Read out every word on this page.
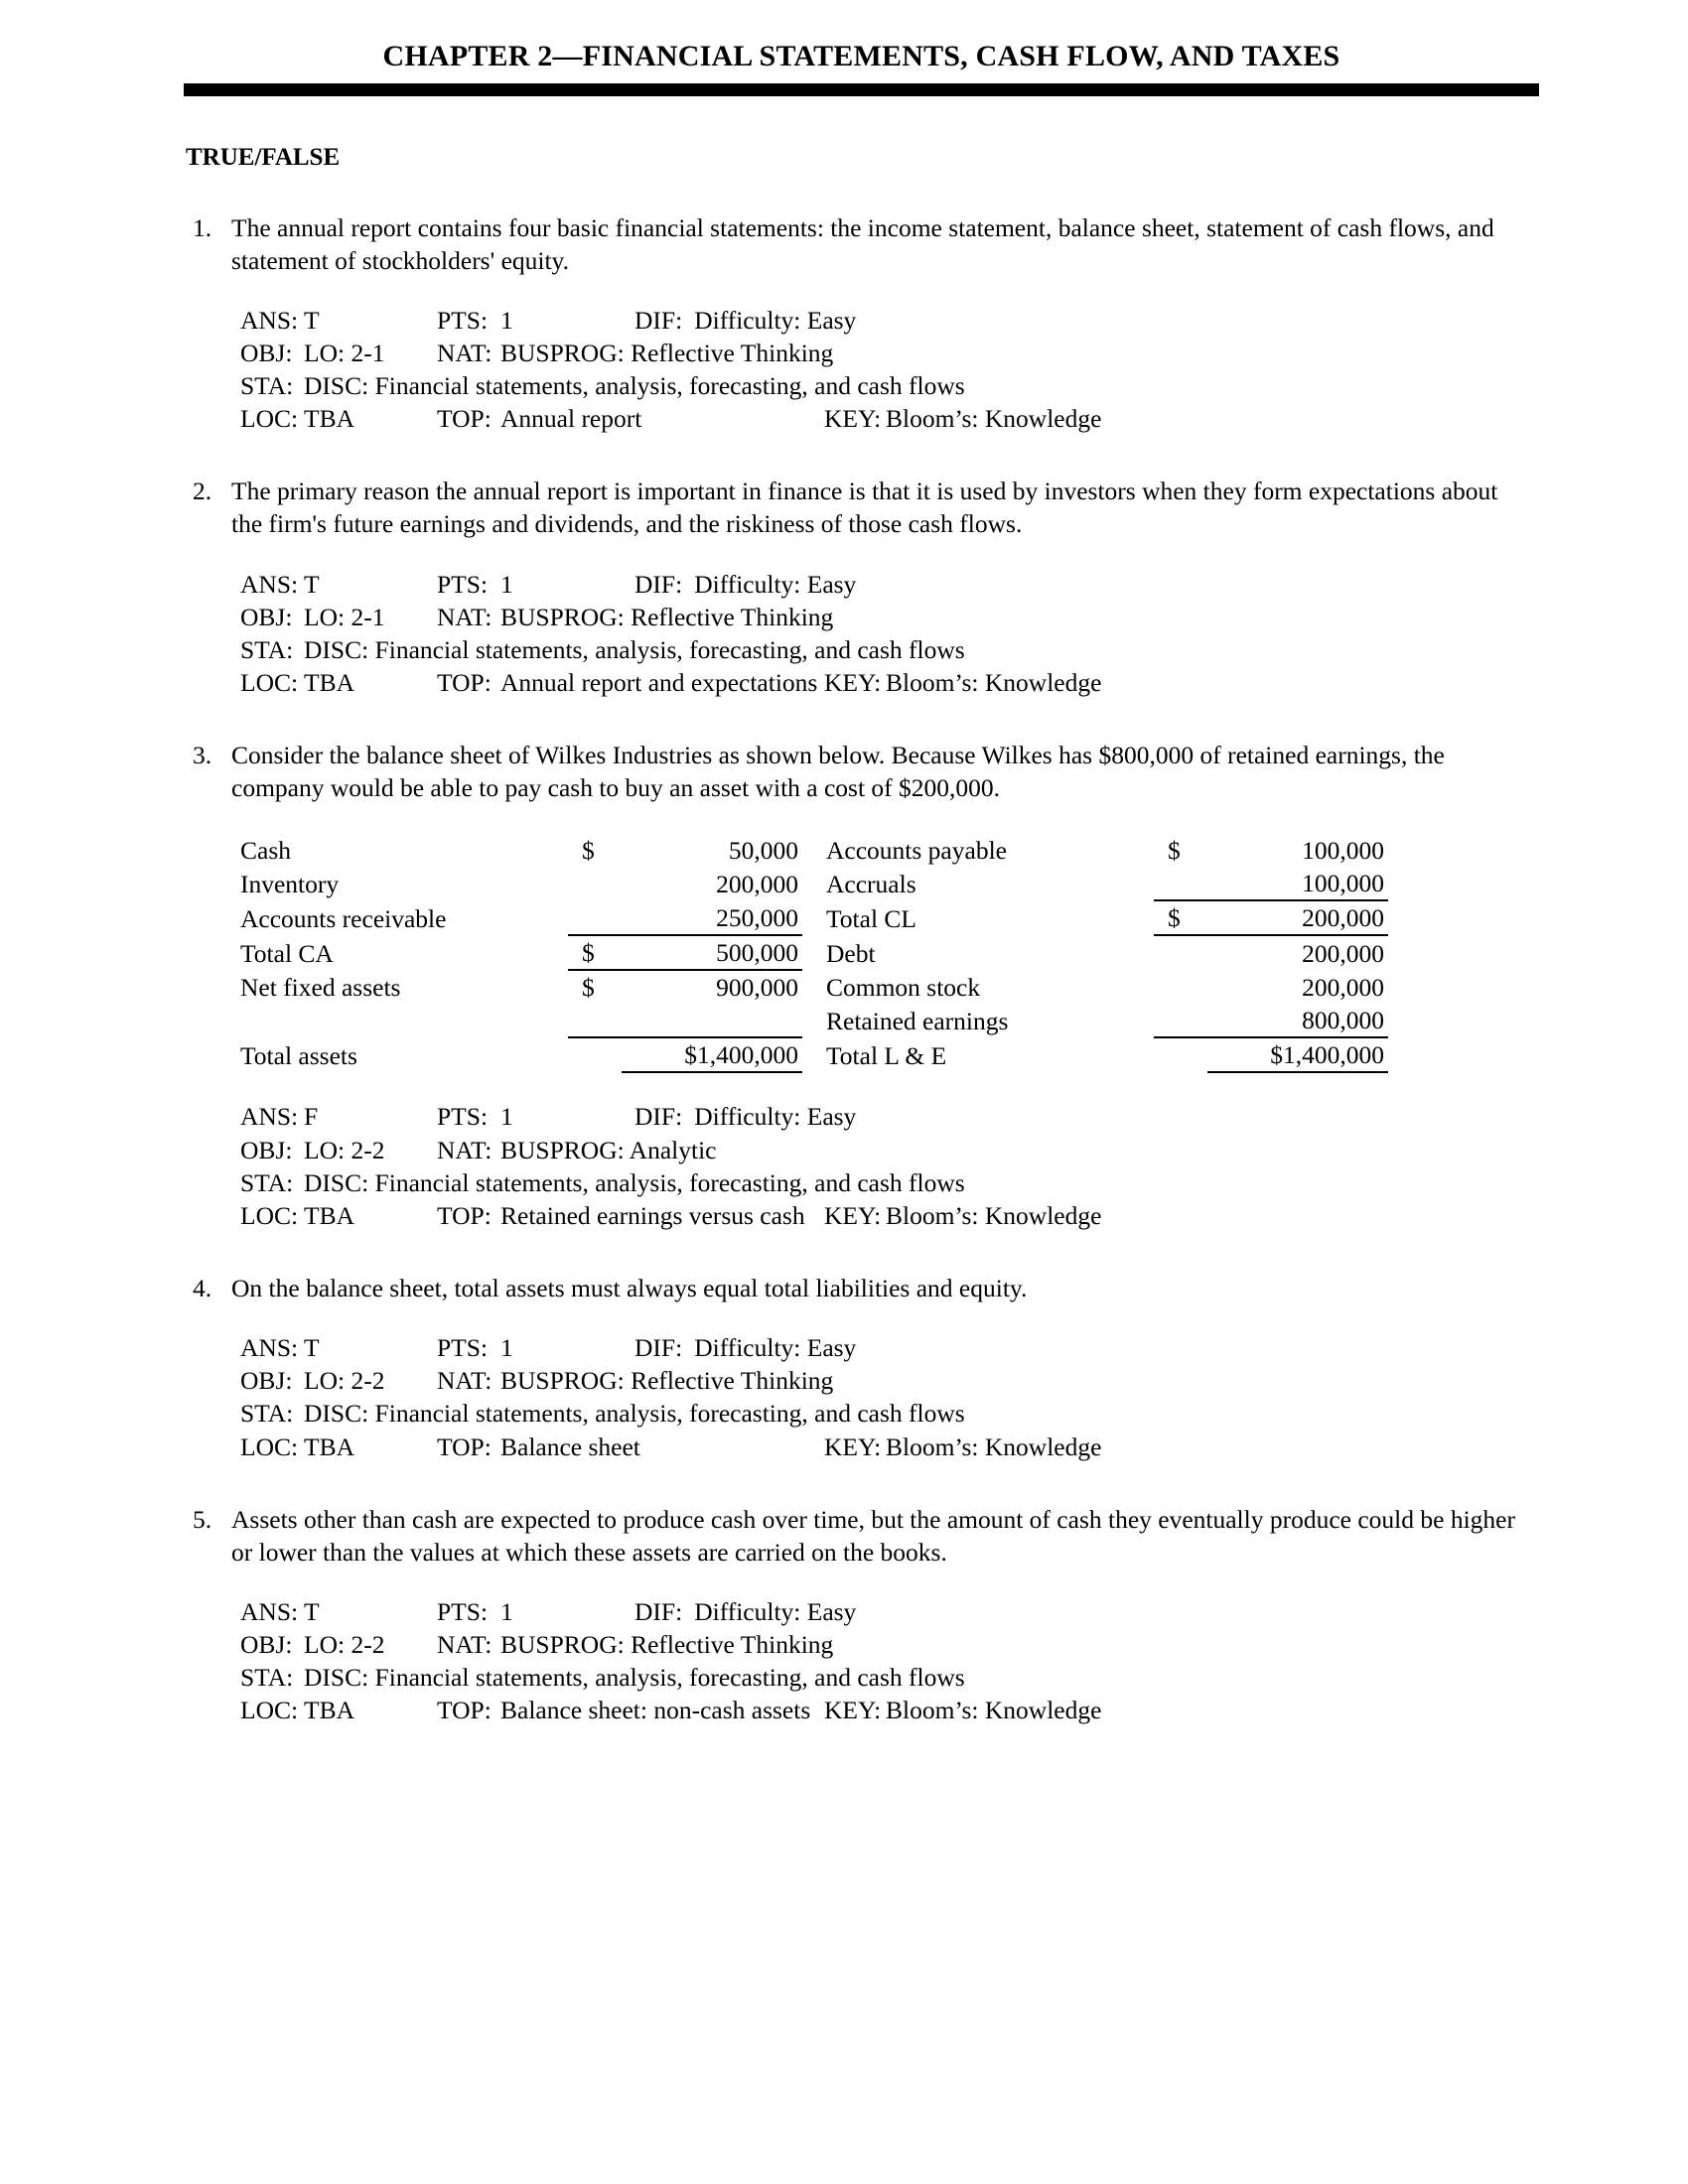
CHAPTER 2—FINANCIAL STATEMENTS, CASH FLOW, AND TAXES
TRUE/FALSE
1. The annual report contains four basic financial statements: the income statement, balance sheet, statement of cash flows, and statement of stockholders' equity.
ANS: T	PTS: 1	DIF: Difficulty: Easy
OBJ: LO: 2-1	NAT: BUSPROG: Reflective Thinking
STA: DISC: Financial statements, analysis, forecasting, and cash flows
LOC: TBA	TOP: Annual report	KEY: Bloom’s: Knowledge
2. The primary reason the annual report is important in finance is that it is used by investors when they form expectations about the firm's future earnings and dividends, and the riskiness of those cash flows.
ANS: T	PTS: 1	DIF: Difficulty: Easy
OBJ: LO: 2-1	NAT: BUSPROG: Reflective Thinking
STA: DISC: Financial statements, analysis, forecasting, and cash flows
LOC: TBA	TOP: Annual report and expectations KEY: Bloom’s: Knowledge
3. Consider the balance sheet of Wilkes Industries as shown below. Because Wilkes has $800,000 of retained earnings, the company would be able to pay cash to buy an asset with a cost of $200,000.
Cash	$	50,000		Accounts payable	$	100,000
Inventory		200,000		Accruals		100,000
Accounts receivable		250,000		Total CL	$	200,000
Total CA	$	500,000		Debt		200,000
Net fixed assets	$	900,000		Common stock		200,000
				Retained earnings		800,000
Total assets		$1,400,000		Total L & E		$1,400,000
ANS: F	PTS: 1	DIF: Difficulty: Easy
OBJ: LO: 2-2	NAT: BUSPROG: Analytic
STA: DISC: Financial statements, analysis, forecasting, and cash flows
LOC: TBA	TOP: Retained earnings versus cash KEY: Bloom’s: Knowledge
4. On the balance sheet, total assets must always equal total liabilities and equity.
ANS: T	PTS: 1	DIF: Difficulty: Easy
OBJ: LO: 2-2	NAT: BUSPROG: Reflective Thinking
STA: DISC: Financial statements, analysis, forecasting, and cash flows
LOC: TBA	TOP: Balance sheet	KEY: Bloom’s: Knowledge
5. Assets other than cash are expected to produce cash over time, but the amount of cash they eventually produce could be higher or lower than the values at which these assets are carried on the books.
ANS: T	PTS: 1	DIF: Difficulty: Easy
OBJ: LO: 2-2	NAT: BUSPROG: Reflective Thinking
STA: DISC: Financial statements, analysis, forecasting, and cash flows
LOC: TBA	TOP: Balance sheet: non-cash assets KEY: Bloom’s: Knowledge
